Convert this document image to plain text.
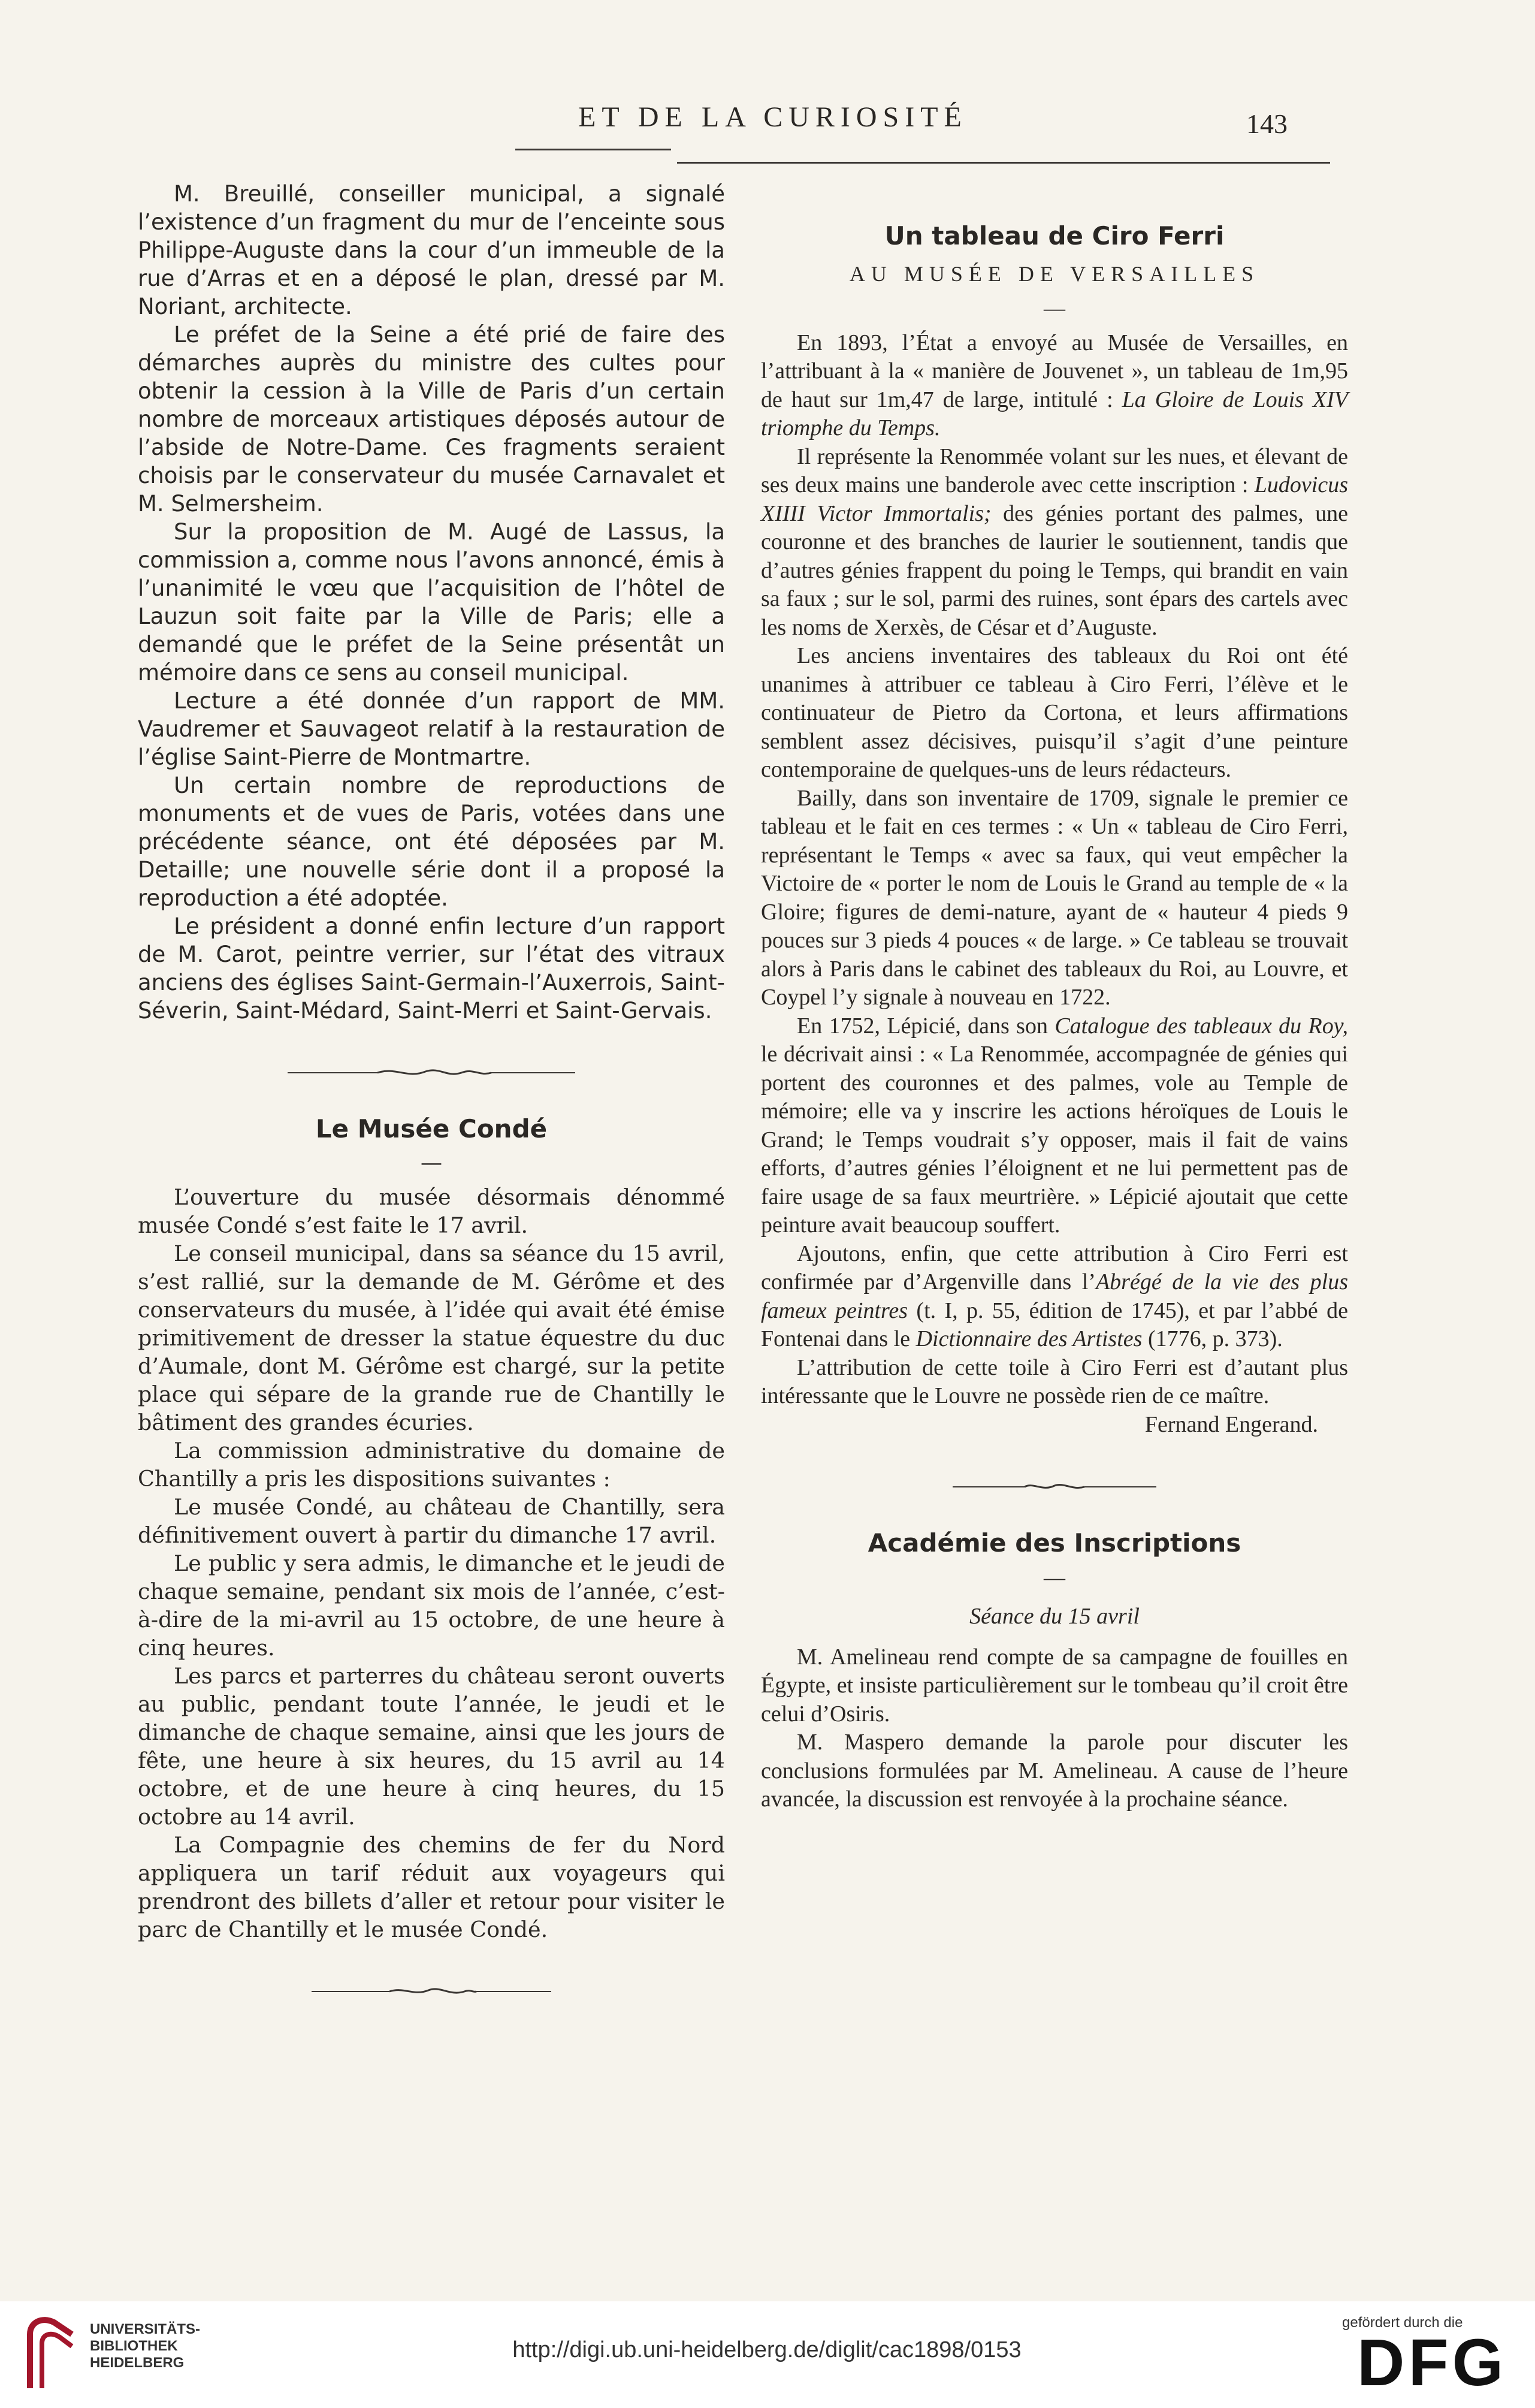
ET DE LA CURIOSITÉ	143

M. Breuillé, conseiller municipal, a signalé l’existence d’un fragment du mur de l’enceinte sous Philippe-Auguste dans la cour d’un immeuble de la rue d’Arras et en a déposé le plan, dressé par M. Noriant, architecte.

Le préfet de la Seine a été prié de faire des démarches auprès du ministre des cultes pour obtenir la cession à la Ville de Paris d’un certain nombre de morceaux artistiques déposés autour de l’abside de Notre-Dame. Ces fragments seraient choisis par le conservateur du musée Carnavalet et M. Selmersheim.

Sur la proposition de M. Augé de Lassus, la commission a, comme nous l’avons annoncé, émis à l’unanimité le vœu que l’acquisition de l’hôtel de Lauzun soit faite par la Ville de Paris; elle a demandé que le préfet de la Seine présentât un mémoire dans ce sens au conseil municipal.

Lecture a été donnée d’un rapport de MM. Vaudremer et Sauvageot relatif à la restauration de l’église Saint-Pierre de Montmartre.

Un certain nombre de reproductions de monuments et de vues de Paris, votées dans une précédente séance, ont été déposées par M. Detaille; une nouvelle série dont il a proposé la reproduction a été adoptée.

Le président a donné enfin lecture d’un rapport de M. Carot, peintre verrier, sur l’état des vitraux anciens des églises Saint-Germain-l’Auxerrois, Saint-Séverin, Saint-Médard, Saint-Merri et Saint-Gervais.

Le Musée Condé

—

L’ouverture du musée désormais dénommé musée Condé s’est faite le 17 avril.

Le conseil municipal, dans sa séance du 15 avril, s’est rallié, sur la demande de M. Gérôme et des conservateurs du musée, à l’idée qui avait été émise primitivement de dresser la statue équestre du duc d’Aumale, dont M. Gérôme est chargé, sur la petite place qui sépare de la grande rue de Chantilly le bâtiment des grandes écuries.

La commission administrative du domaine de Chantilly a pris les dispositions suivantes :

Le musée Condé, au château de Chantilly, sera définitivement ouvert à partir du dimanche 17 avril.

Le public y sera admis, le dimanche et le jeudi de chaque semaine, pendant six mois de l’année, c’est-à-dire de la mi-avril au 15 octobre, de une heure à cinq heures.

Les parcs et parterres du château seront ouverts au public, pendant toute l’année, le jeudi et le dimanche de chaque semaine, ainsi que les jours de fête, une heure à six heures, du 15 avril au 14 octobre, et de une heure à cinq heures, du 15 octobre au 14 avril.

La Compagnie des chemins de fer du Nord appliquera un tarif réduit aux voyageurs qui prendront des billets d’aller et retour pour visiter le parc de Chantilly et le musée Condé.

Un tableau de Ciro Ferri

AU MUSÉE DE VERSAILLES

—

En 1893, l’État a envoyé au Musée de Versailles, en l’attribuant à la « manière de Jouvenet », un tableau de 1m,95 de haut sur 1m,47 de large, intitulé : La Gloire de Louis XIV triomphe du Temps.

Il représente la Renommée volant sur les nues, et élevant de ses deux mains une banderole avec cette inscription : Ludovicus XIIII Victor Immortalis; des génies portant des palmes, une couronne et des branches de laurier le soutiennent, tandis que d’autres génies frappent du poing le Temps, qui brandit en vain sa faux ; sur le sol, parmi des ruines, sont épars des cartels avec les noms de Xerxès, de César et d’Auguste.

Les anciens inventaires des tableaux du Roi ont été unanimes à attribuer ce tableau à Ciro Ferri, l’élève et le continuateur de Pietro da Cortona, et leurs affirmations semblent assez décisives, puisqu’il s’agit d’une peinture contemporaine de quelques-uns de leurs rédacteurs.

Bailly, dans son inventaire de 1709, signale le premier ce tableau et le fait en ces termes : « Un « tableau de Ciro Ferri, représentant le Temps « avec sa faux, qui veut empêcher la Victoire de « porter le nom de Louis le Grand au temple de « la Gloire; figures de demi-nature, ayant de « hauteur 4 pieds 9 pouces sur 3 pieds 4 pouces « de large. » Ce tableau se trouvait alors à Paris dans le cabinet des tableaux du Roi, au Louvre, et Coypel l’y signale à nouveau en 1722.

En 1752, Lépicié, dans son Catalogue des tableaux du Roy, le décrivait ainsi : « La Renommée, accompagnée de génies qui portent des couronnes et des palmes, vole au Temple de mémoire; elle va y inscrire les actions héroïques de Louis le Grand; le Temps voudrait s’y opposer, mais il fait de vains efforts, d’autres génies l’éloignent et ne lui permettent pas de faire usage de sa faux meurtrière. » Lépicié ajoutait que cette peinture avait beaucoup souffert.

Ajoutons, enfin, que cette attribution à Ciro Ferri est confirmée par d’Argenville dans l’Abrégé de la vie des plus fameux peintres (t. I, p. 55, édition de 1745), et par l’abbé de Fontenai dans le Dictionnaire des Artistes (1776, p. 373).

L’attribution de cette toile à Ciro Ferri est d’autant plus intéressante que le Louvre ne possède rien de ce maître.

Fernand Engerand.

Académie des Inscriptions

—

Séance du 15 avril

M. Amelineau rend compte de sa campagne de fouilles en Égypte, et insiste particulièrement sur le tombeau qu’il croit être celui d’Osiris.

M. Maspero demande la parole pour discuter les conclusions formulées par M. Amelineau. A cause de l’heure avancée, la discussion est renvoyée à la prochaine séance.

UNIVERSITÄTS-
BIBLIOTHEK
HEIDELBERG
http://digi.ub.uni-heidelberg.de/diglit/cac1898/0153
gefördert durch die
DFG
